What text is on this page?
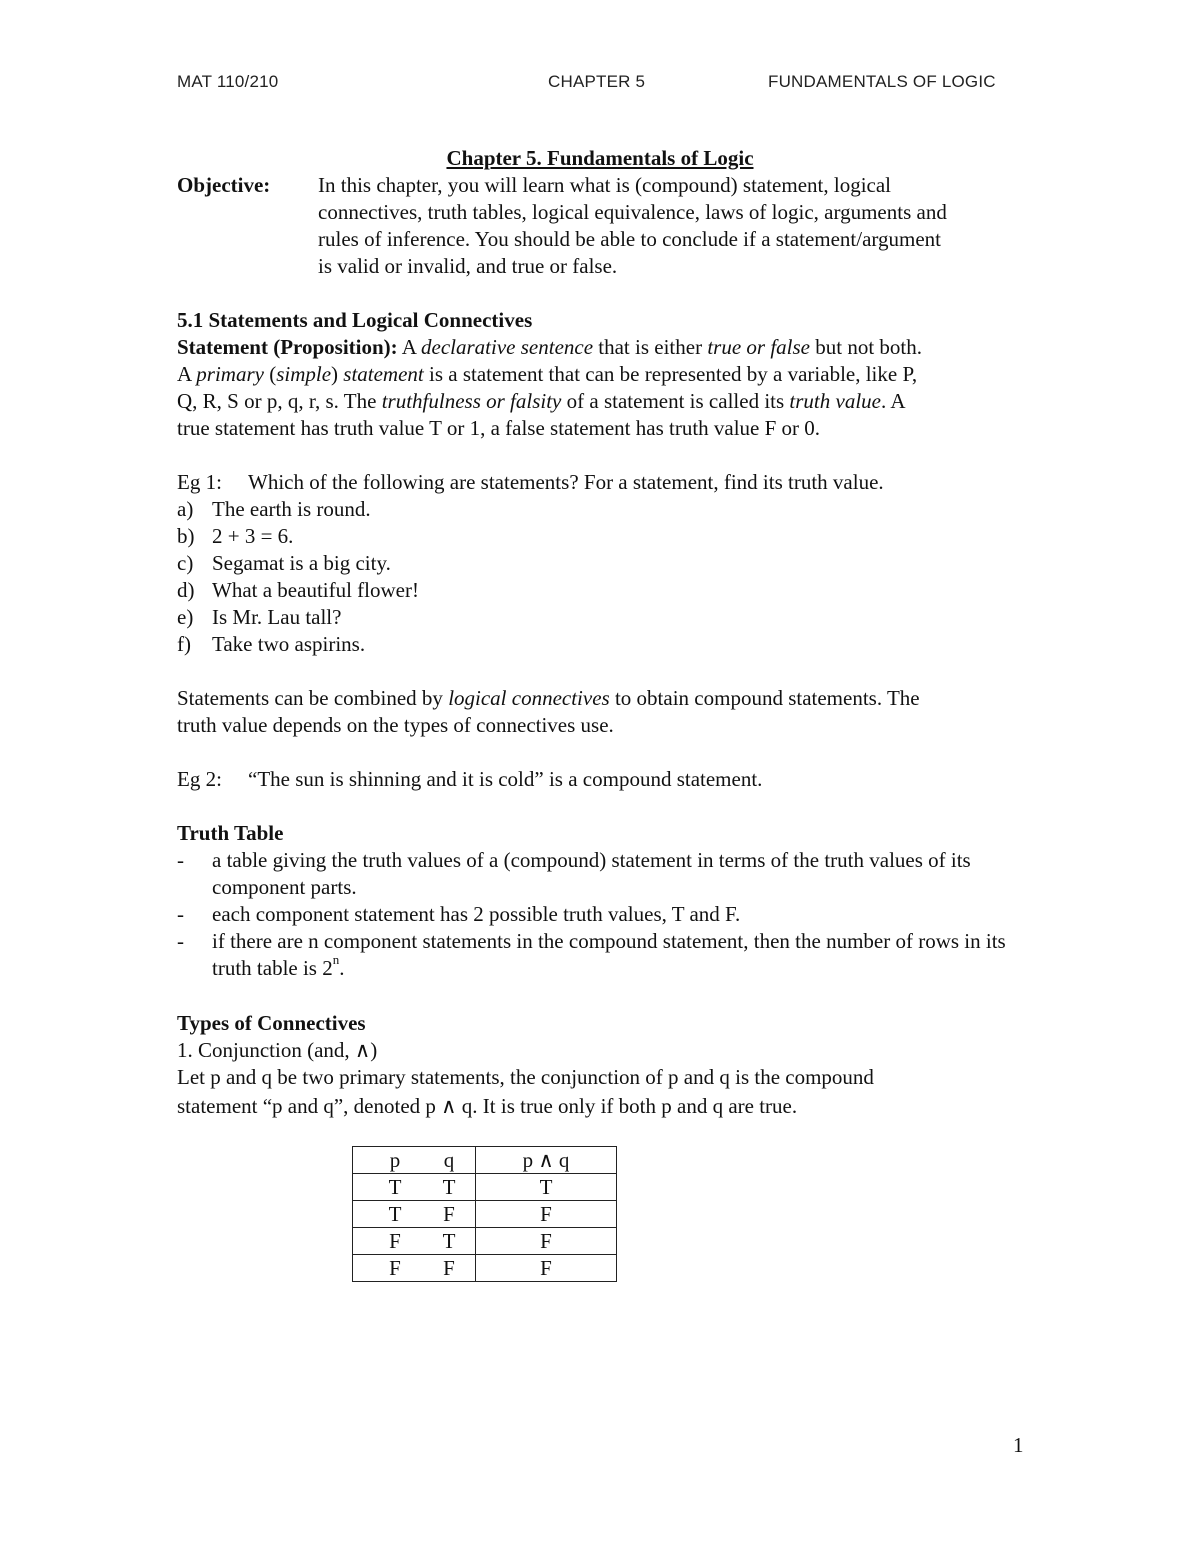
MAT 110/210	CHAPTER 5	FUNDAMENTALS OF LOGIC
Chapter 5. Fundamentals of Logic
Objective: In this chapter, you will learn what is (compound) statement, logical
connectives, truth tables, logical equivalence, laws of logic, arguments and
rules of inference. You should be able to conclude if a statement/argument
is valid or invalid, and true or false.
5.1 Statements and Logical Connectives
Statement (Proposition): A declarative sentence that is either true or false but not both.
A primary (simple) statement is a statement that can be represented by a variable, like P,
Q, R, S or p, q, r, s. The truthfulness or falsity of a statement is called its truth value. A
true statement has truth value T or 1, a false statement has truth value F or 0.
Eg 1: Which of the following are statements? For a statement, find its truth value.
a) The earth is round.
b) 2 + 3 = 6.
c) Segamat is a big city.
d) What a beautiful flower!
e) Is Mr. Lau tall?
f) Take two aspirins.
Statements can be combined by logical connectives to obtain compound statements. The
truth value depends on the types of connectives use.
Eg 2: “The sun is shinning and it is cold” is a compound statement.
Truth Table
- a table giving the truth values of a (compound) statement in terms of the truth values of its component parts.
- each component statement has 2 possible truth values, T and F.
- if there are n component statements in the compound statement, then the number of rows in its truth table is 2$^n$.
Types of Connectives
1. Conjunction (and, ∧)
Let p and q be two primary statements, the conjunction of p and q is the compound
statement “p and q”, denoted p ∧ q. It is true only if both p and q are true.
p q	p ∧ q
T T	T
T F	F
F T	F
F F	F
1
